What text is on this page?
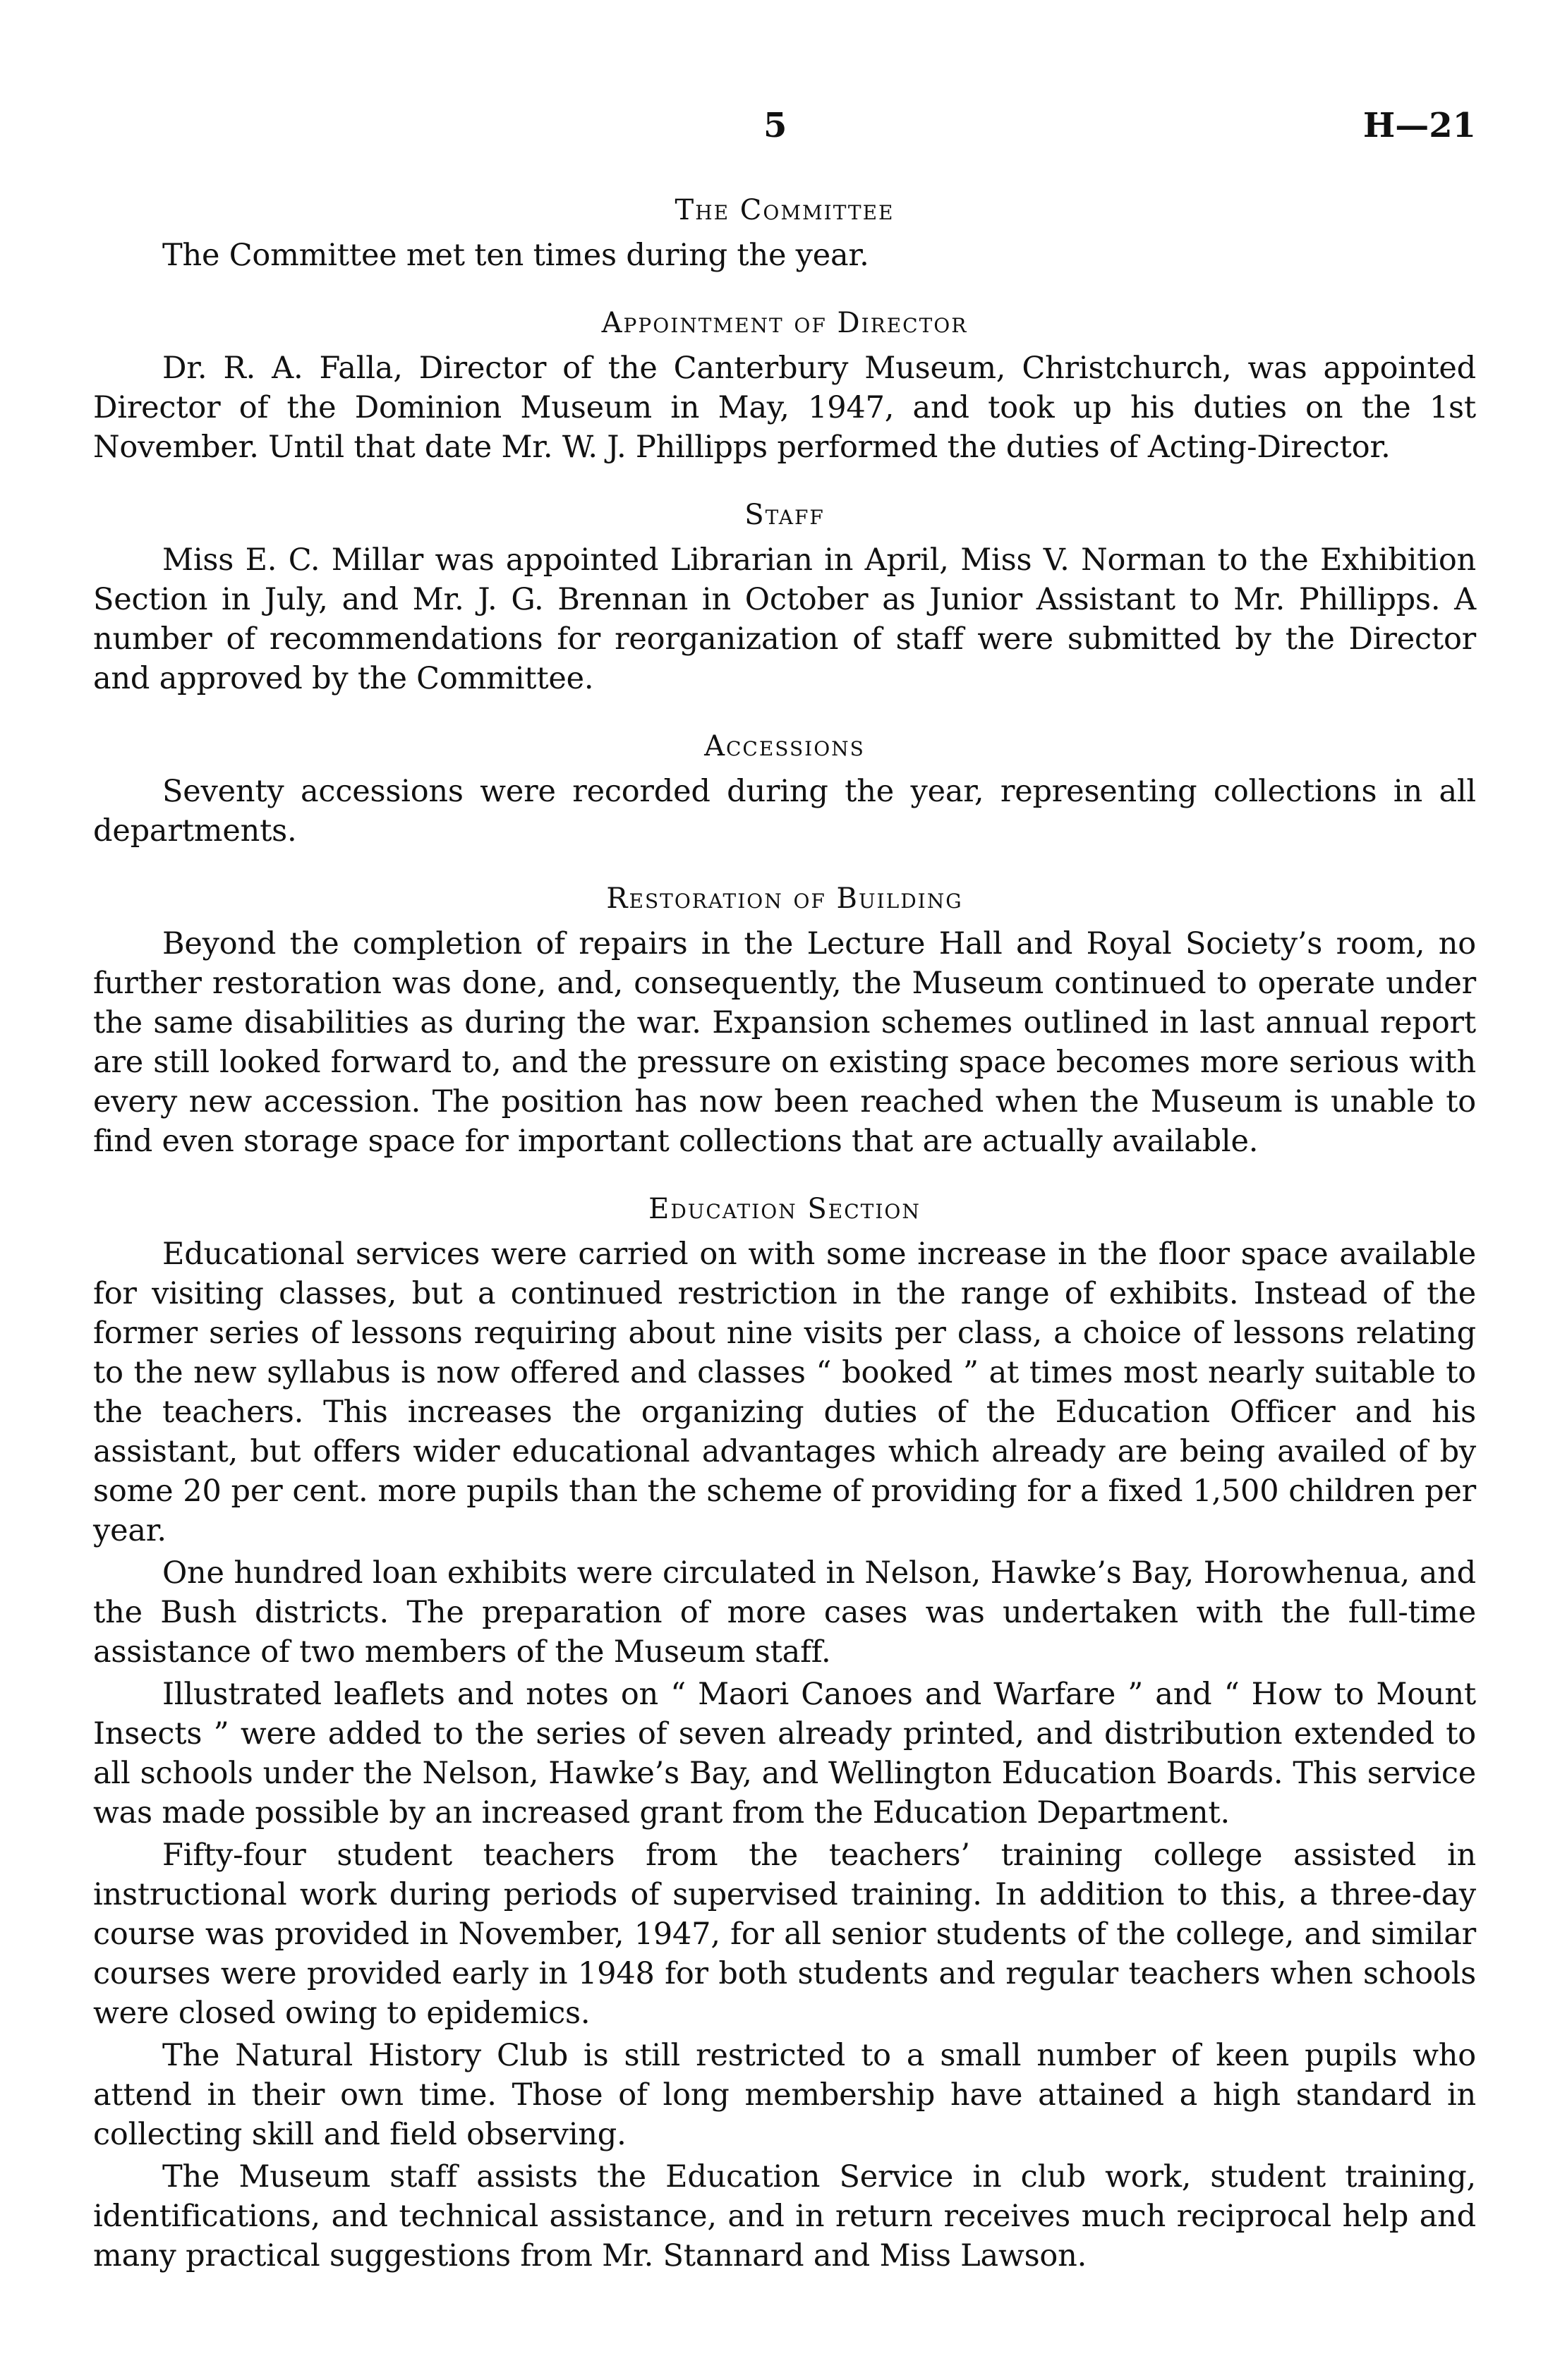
5	H—21
The Committee

The Committee met ten times during the year.

Appointment of Director

Dr. R. A. Falla, Director of the Canterbury Museum, Christchurch, was appointed Director of the Dominion Museum in May, 1947, and took up his duties on the 1st November. Until that date Mr. W. J. Phillipps performed the duties of Acting-Director.

Staff

Miss E. C. Millar was appointed Librarian in April, Miss V. Norman to the Exhibition Section in July, and Mr. J. G. Brennan in October as Junior Assistant to Mr. Phillipps. A number of recommendations for reorganization of staff were submitted by the Director and approved by the Committee.

Accessions

Seventy accessions were recorded during the year, representing collections in all departments.

Restoration of Building

Beyond the completion of repairs in the Lecture Hall and Royal Society’s room, no further restoration was done, and, consequently, the Museum continued to operate under the same disabilities as during the war. Expansion schemes outlined in last annual report are still looked forward to, and the pressure on existing space becomes more serious with every new accession. The position has now been reached when the Museum is unable to find even storage space for important collections that are actually available.

Education Section

Educational services were carried on with some increase in the floor space available for visiting classes, but a continued restriction in the range of exhibits. Instead of the former series of lessons requiring about nine visits per class, a choice of lessons relating to the new syllabus is now offered and classes “ booked ” at times most nearly suitable to the teachers. This increases the organizing duties of the Education Officer and his assistant, but offers wider educational advantages which already are being availed of by some 20 per cent. more pupils than the scheme of providing for a fixed 1,500 children per year.

One hundred loan exhibits were circulated in Nelson, Hawke’s Bay, Horowhenua, and the Bush districts. The preparation of more cases was undertaken with the full-time assistance of two members of the Museum staff.

Illustrated leaflets and notes on “ Maori Canoes and Warfare ” and “ How to Mount Insects ” were added to the series of seven already printed, and distribution extended to all schools under the Nelson, Hawke’s Bay, and Wellington Education Boards. This service was made possible by an increased grant from the Education Department.

Fifty-four student teachers from the teachers’ training college assisted in instructional work during periods of supervised training. In addition to this, a three-day course was provided in November, 1947, for all senior students of the college, and similar courses were provided early in 1948 for both students and regular teachers when schools were closed owing to epidemics.

The Natural History Club is still restricted to a small number of keen pupils who attend in their own time. Those of long membership have attained a high standard in collecting skill and field observing.

The Museum staff assists the Education Service in club work, student training, identifications, and technical assistance, and in return receives much reciprocal help and many practical suggestions from Mr. Stannard and Miss Lawson.
